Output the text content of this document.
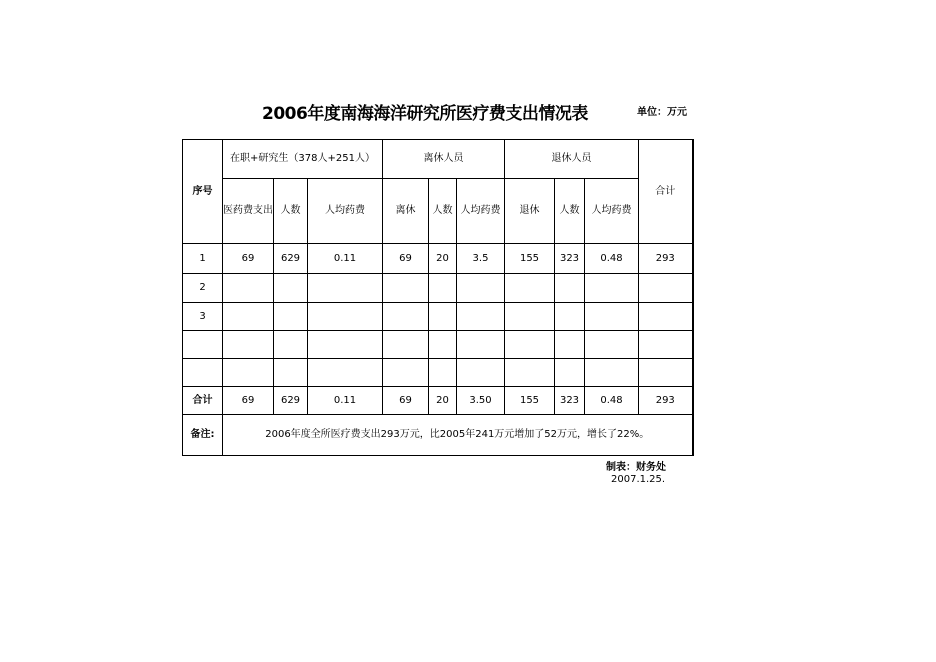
2006年度南海海洋研究所医疗费支出情况表	单位：万元
序号	在职+研究生（378人+251人）			离休人员			退休人员			合计
	医药费支出	人数	人均药费	离休	人数	人均药费	退休	人数	人均药费	
1	69	629	0.11	69	20	3.5	155	323	0.48	293
2										
3										

合计	69	629	0.11	69	20	3.50	155	323	0.48	293
备注:	2006年度全所医疗费支出293万元，比2005年241万元增加了52万元，增长了22%。									
制表：财务处
2007.1.25.
